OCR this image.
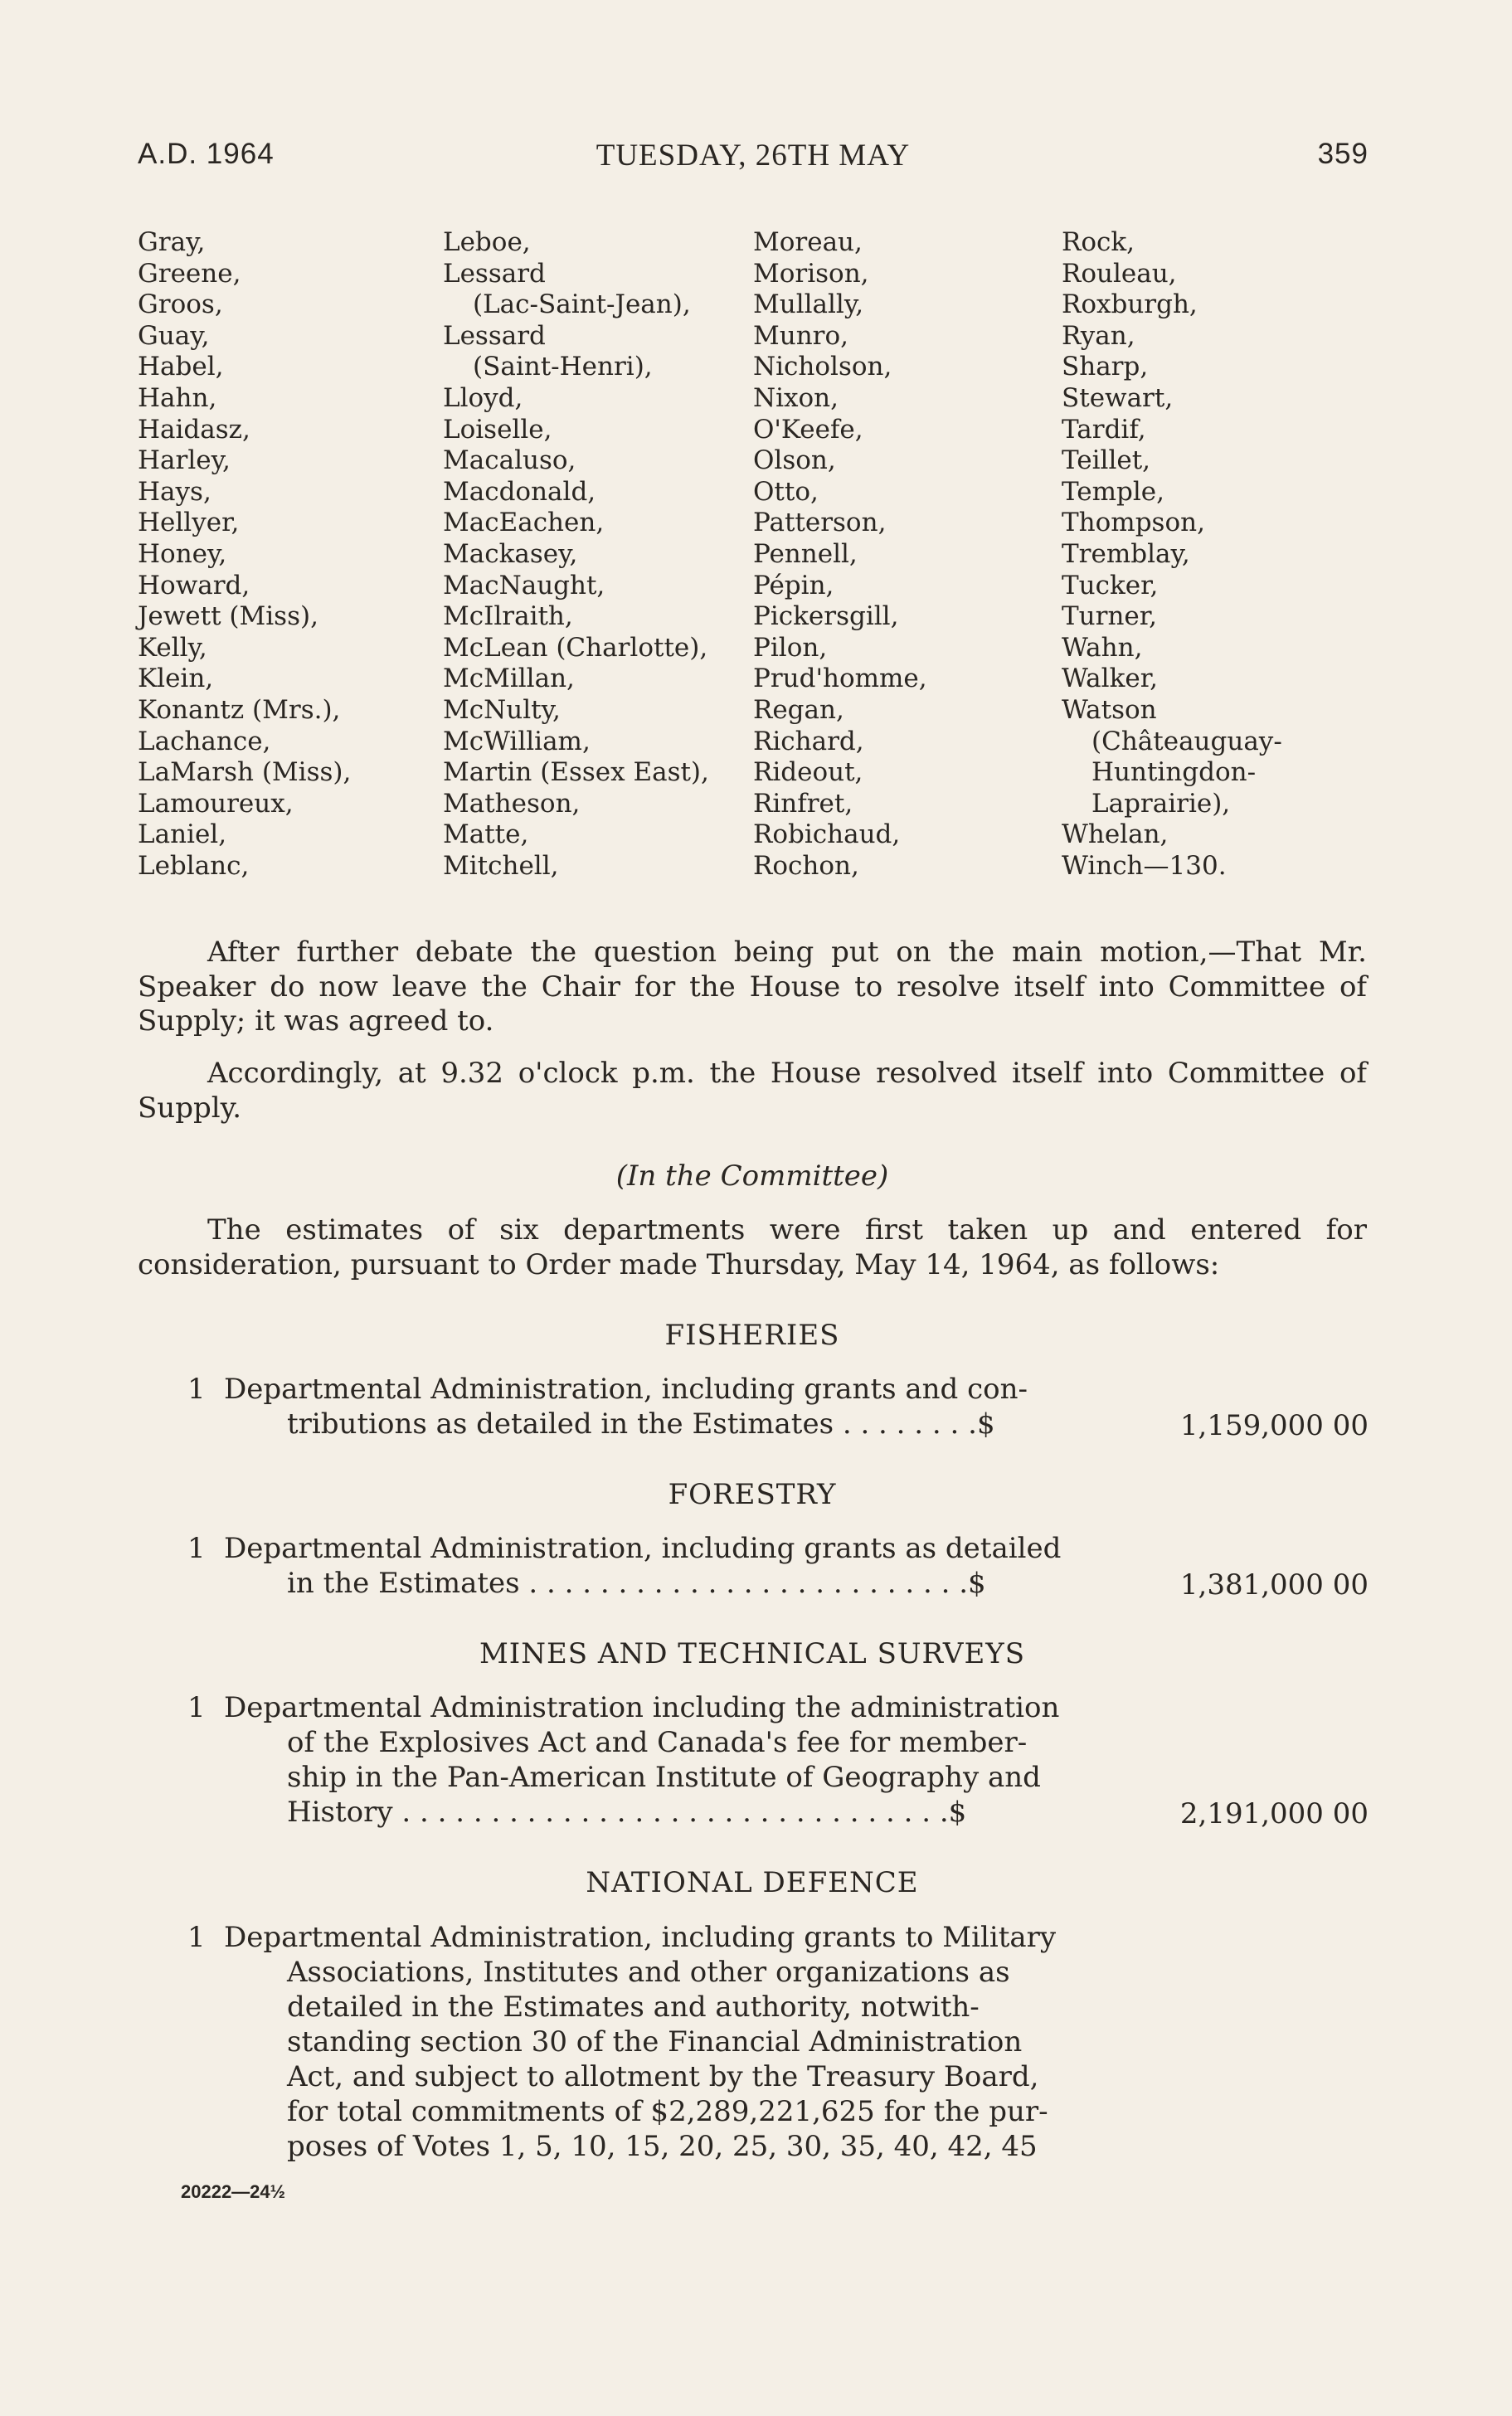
A.D. 1964	TUESDAY, 26TH MAY	359
Gray,
Greene,
Groos,
Guay,
Habel,
Hahn,
Haidasz,
Harley,
Hays,
Hellyer,
Honey,
Howard,
Jewett (Miss),
Kelly,
Klein,
Konantz (Mrs.),
Lachance,
LaMarsh (Miss),
Lamoureux,
Laniel,
Leblanc,
Leboe,
Lessard
(Lac-Saint-Jean),
Lessard
(Saint-Henri),
Lloyd,
Loiselle,
Macaluso,
Macdonald,
MacEachen,
Mackasey,
MacNaught,
McIlraith,
McLean (Charlotte),
McMillan,
McNulty,
McWilliam,
Martin (Essex East),
Matheson,
Matte,
Mitchell,
Moreau,
Morison,
Mullally,
Munro,
Nicholson,
Nixon,
O'Keefe,
Olson,
Otto,
Patterson,
Pennell,
Pépin,
Pickersgill,
Pilon,
Prud'homme,
Regan,
Richard,
Rideout,
Rinfret,
Robichaud,
Rochon,
Rock,
Rouleau,
Roxburgh,
Ryan,
Sharp,
Stewart,
Tardif,
Teillet,
Temple,
Thompson,
Tremblay,
Tucker,
Turner,
Wahn,
Walker,
Watson
(Châteauguay-
Huntingdon-
Laprairie),
Whelan,
Winch—130.

After further debate the question being put on the main motion,—That Mr. Speaker do now leave the Chair for the House to resolve itself into Committee of Supply; it was agreed to.

Accordingly, at 9.32 o'clock p.m. the House resolved itself into Committee of Supply.

(In the Committee)

The estimates of six departments were first taken up and entered for consideration, pursuant to Order made Thursday, May 14, 1964, as follows:

FISHERIES
1 Departmental Administration, including grants and con-
tributions as detailed in the Estimates . . . . . . . .$	1,159,000 00
FORESTRY
1 Departmental Administration, including grants as detailed
in the Estimates . . . . . . . . . . . . . . . . . . . . . . . . .$	1,381,000 00
MINES AND TECHNICAL SURVEYS
1 Departmental Administration including the administration
of the Explosives Act and Canada's fee for member-
ship in the Pan-American Institute of Geography and
History . . . . . . . . . . . . . . . . . . . . . . . . . . . . . . .$	2,191,000 00
NATIONAL DEFENCE
1 Departmental Administration, including grants to Military
Associations, Institutes and other organizations as
detailed in the Estimates and authority, notwith-
standing section 30 of the Financial Administration
Act, and subject to allotment by the Treasury Board,
for total commitments of $2,289,221,625 for the pur-
poses of Votes 1, 5, 10, 15, 20, 25, 30, 35, 40, 42, 45
20222—24½
